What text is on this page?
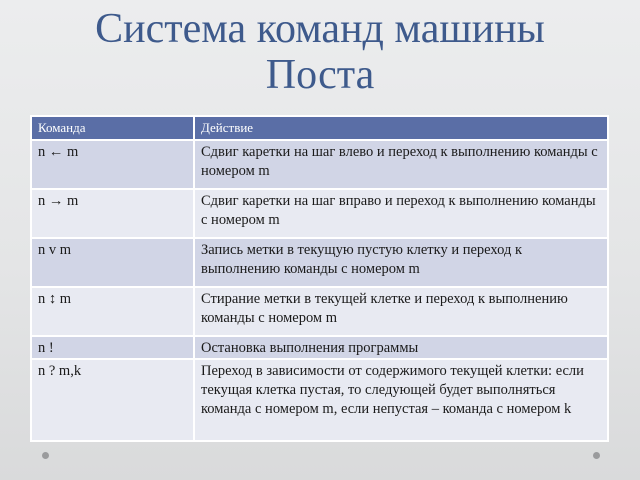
Система команд машины
Поста
Команда	Действие
n ← m	Сдвиг каретки на шаг влево и переход к выполнению команды с номером m
n → m	Сдвиг каретки на шаг вправо и переход к выполнению команды с номером m
n v m	Запись метки в текущую пустую клетку и переход к выполнению команды с номером m
n ↕ m	Стирание метки в текущей клетке и переход к выполнению команды с номером m
n !	Остановка выполнения программы
n ? m,k	Переход в зависимости от содержимого текущей клетки: если текущая клетка пустая, то следующей будет выполняться команда с номером m, если непустая – команда с номером k
